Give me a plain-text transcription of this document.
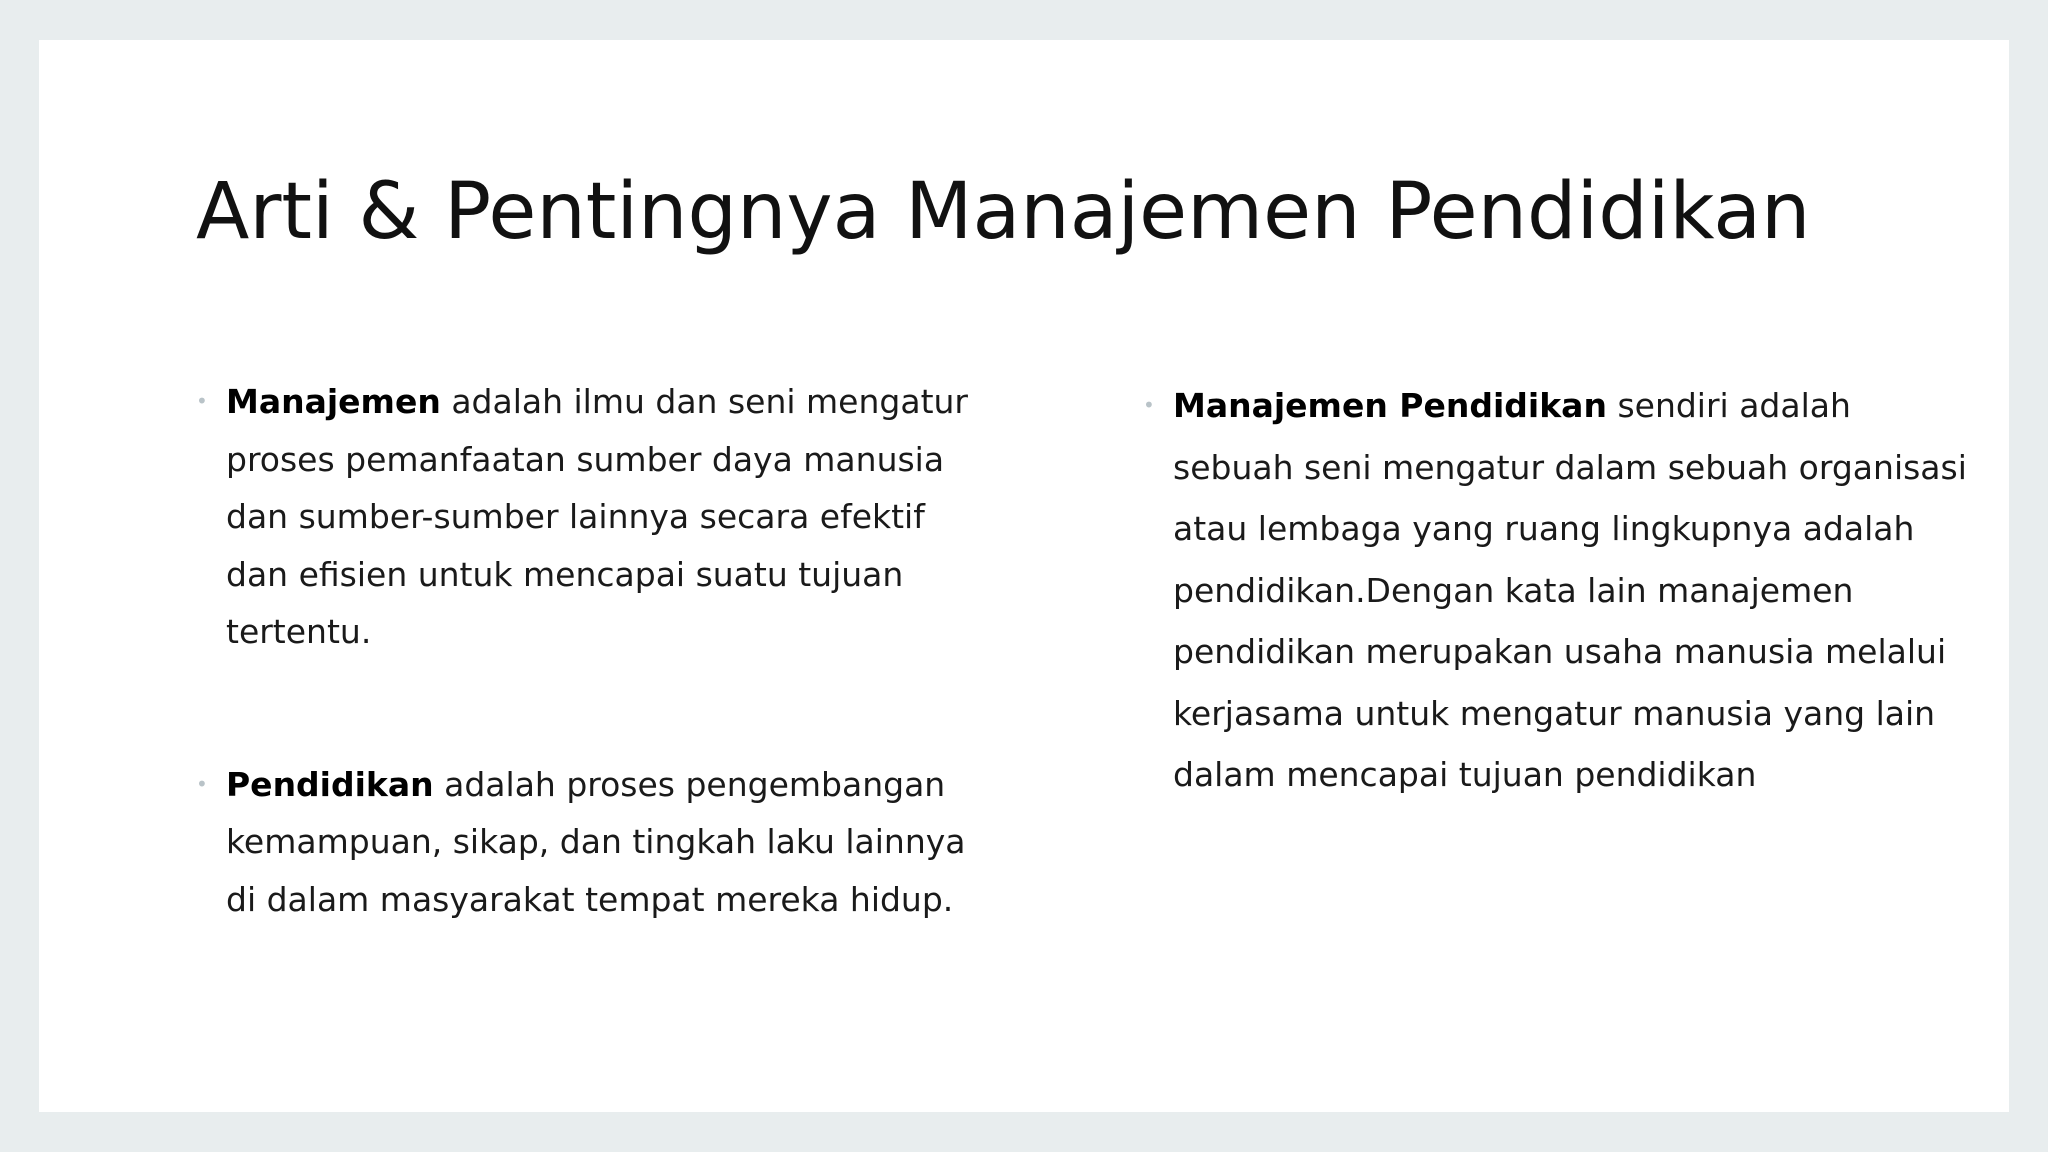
Arti & Pentingnya Manajemen Pendidikan
• Manajemen adalah ilmu dan seni mengatur proses pemanfaatan sumber daya manusia dan sumber-sumber lainnya secara efektif dan efisien untuk mencapai suatu tujuan tertentu.
• Pendidikan adalah proses pengembangan kemampuan, sikap, dan tingkah laku lainnya di dalam masyarakat tempat mereka hidup.
• Manajemen Pendidikan sendiri adalah sebuah seni mengatur dalam sebuah organisasi atau lembaga yang ruang lingkupnya adalah pendidikan.Dengan kata lain manajemen pendidikan merupakan usaha manusia melalui kerjasama untuk mengatur manusia yang lain dalam mencapai tujuan pendidikan
